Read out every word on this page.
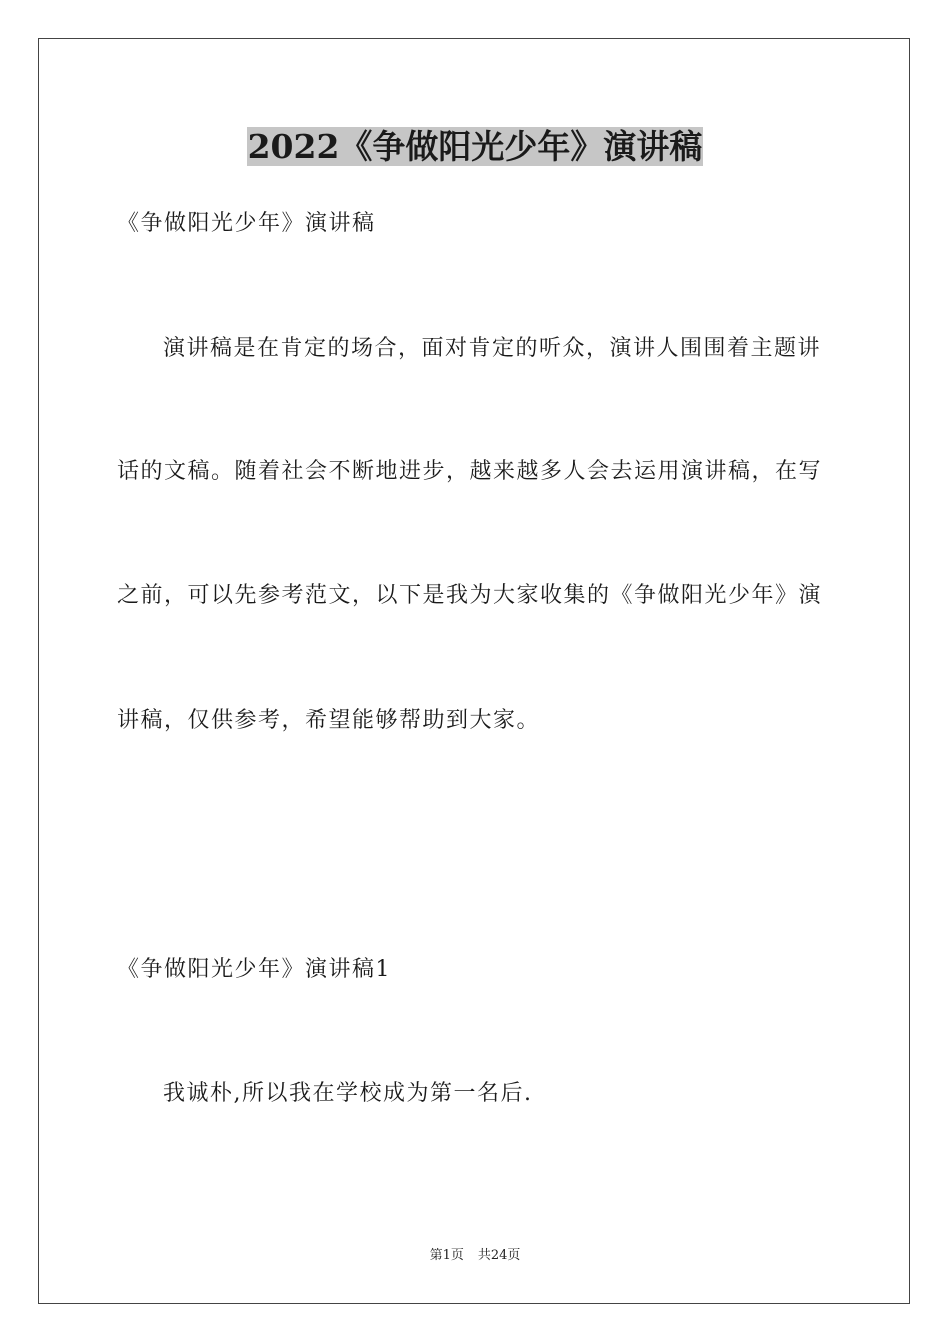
2022《争做阳光少年》演讲稿
《争做阳光少年》演讲稿
演讲稿是在肯定的场合，面对肯定的听众，演讲人围围着主题讲
话的文稿。随着社会不断地进步，越来越多人会去运用演讲稿，在写
之前，可以先参考范文，以下是我为大家收集的《争做阳光少年》演
讲稿，仅供参考，希望能够帮助到大家。
《争做阳光少年》演讲稿1
我诚朴,所以我在学校成为第一名后.
第1页 共24页
